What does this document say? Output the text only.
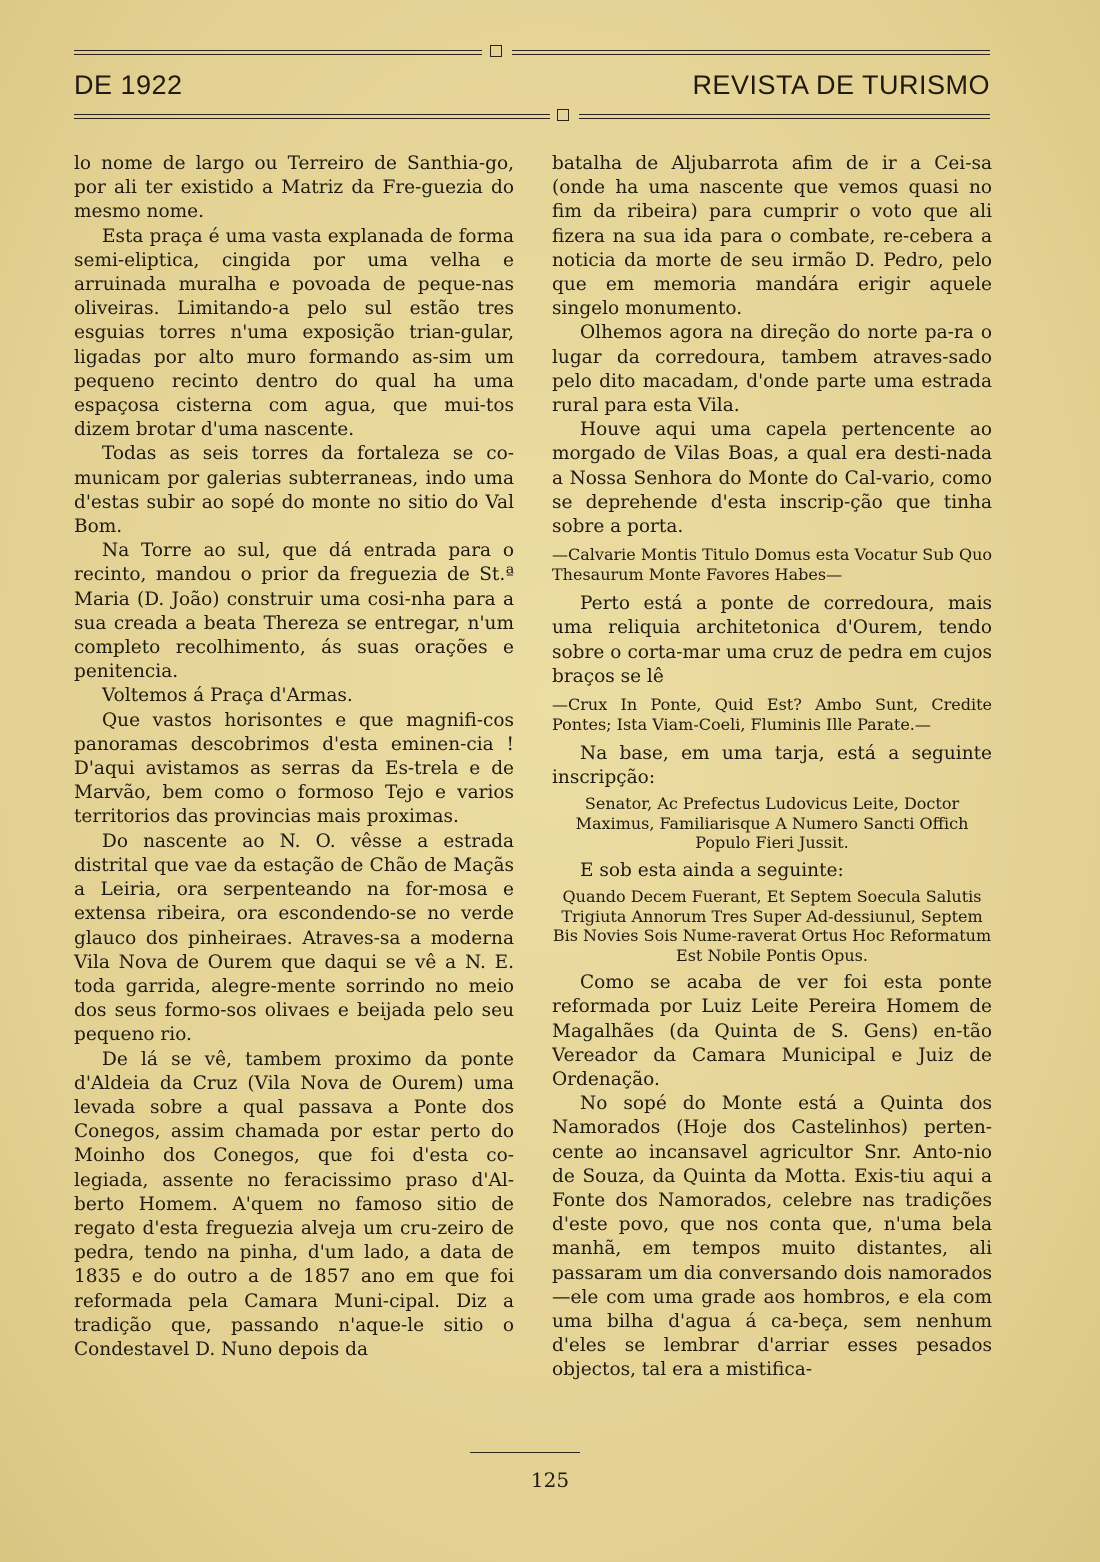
DE 1922	REVISTA DE TURISMO

lo nome de largo ou Terreiro de Santhia-go, por ali ter existido a Matriz da Fre-guezia do mesmo nome.

Esta praça é uma vasta explanada de forma semi-eliptica, cingida por uma velha e arruinada muralha e povoada de peque-nas oliveiras. Limitando-a pelo sul estão tres esguias torres n'uma exposição trian-gular, ligadas por alto muro formando as-sim um pequeno recinto dentro do qual ha uma espaçosa cisterna com agua, que mui-tos dizem brotar d'uma nascente.

Todas as seis torres da fortaleza se co-municam por galerias subterraneas, indo uma d'estas subir ao sopé do monte no sitio do Val Bom.

Na Torre ao sul, que dá entrada para o recinto, mandou o prior da freguezia de St.ª Maria (D. João) construir uma cosi-nha para a sua creada a beata Thereza se entregar, n'um completo recolhimento, ás suas orações e penitencia.

Voltemos á Praça d'Armas.

Que vastos horisontes e que magnifi-cos panoramas descobrimos d'esta eminen-cia ! D'aqui avistamos as serras da Es-trela e de Marvão, bem como o formoso Tejo e varios territorios das provincias mais proximas.

Do nascente ao N. O. vêsse a estrada distrital que vae da estação de Chão de Maçãs a Leiria, ora serpenteando na for-mosa e extensa ribeira, ora escondendo-se no verde glauco dos pinheiraes. Atraves-sa a moderna Vila Nova de Ourem que daqui se vê a N. E. toda garrida, alegre-mente sorrindo no meio dos seus formo-sos olivaes e beijada pelo seu pequeno rio.

De lá se vê, tambem proximo da ponte d'Aldeia da Cruz (Vila Nova de Ourem) uma levada sobre a qual passava a Ponte dos Conegos, assim chamada por estar perto do Moinho dos Conegos, que foi d'esta co-legiada, assente no feracissimo praso d'Al-berto Homem. A'quem no famoso sitio de regato d'esta freguezia alveja um cru-zeiro de pedra, tendo na pinha, d'um lado, a data de 1835 e do outro a de 1857 ano em que foi reformada pela Camara Muni-cipal. Diz a tradição que, passando n'aque-le sitio o Condestavel D. Nuno depois da

batalha de Aljubarrota afim de ir a Cei-sa (onde ha uma nascente que vemos quasi no fim da ribeira) para cumprir o voto que ali fizera na sua ida para o combate, re-cebera a noticia da morte de seu irmão D. Pedro, pelo que em memoria mandára erigir aquele singelo monumento.

Olhemos agora na direção do norte pa-ra o lugar da corredoura, tambem atraves-sado pelo dito macadam, d'onde parte uma estrada rural para esta Vila.

Houve aqui uma capela pertencente ao morgado de Vilas Boas, a qual era desti-nada a Nossa Senhora do Monte do Cal-vario, como se deprehende d'esta inscrip-ção que tinha sobre a porta.

—Calvarie Montis Titulo Domus esta Vocatur Sub Quo Thesaurum Monte Favores Habes—

Perto está a ponte de corredoura, mais uma reliquia architetonica d'Ourem, tendo sobre o corta-mar uma cruz de pedra em cujos braços se lê

—Crux In Ponte, Quid Est? Ambo Sunt, Credite Pontes; Ista Viam-Coeli, Fluminis Ille Parate.—

Na base, em uma tarja, está a seguinte inscripção:

Senator, Ac Prefectus Ludovicus Leite, Doctor Maximus, Familiarisque A Numero Sancti Offich Populo Fieri Jussit.

E sob esta ainda a seguinte:

Quando Decem Fuerant, Et Septem Soecula Salutis Trigiuta Annorum Tres Super Ad-dessiunul, Septem Bis Novies Sois Nume-raverat Ortus Hoc Reformatum Est Nobile Pontis Opus.

Como se acaba de ver foi esta ponte reformada por Luiz Leite Pereira Homem de Magalhães (da Quinta de S. Gens) en-tão Vereador da Camara Municipal e Juiz de Ordenação.

No sopé do Monte está a Quinta dos Namorados (Hoje dos Castelinhos) perten-cente ao incansavel agricultor Snr. Anto-nio de Souza, da Quinta da Motta. Exis-tiu aqui a Fonte dos Namorados, celebre nas tradições d'este povo, que nos conta que, n'uma bela manhã, em tempos muito distantes, ali passaram um dia conversando dois namorados—ele com uma grade aos hombros, e ela com uma bilha d'agua á ca-beça, sem nenhum d'eles se lembrar d'arriar esses pesados objectos, tal era a mistifica-

125
